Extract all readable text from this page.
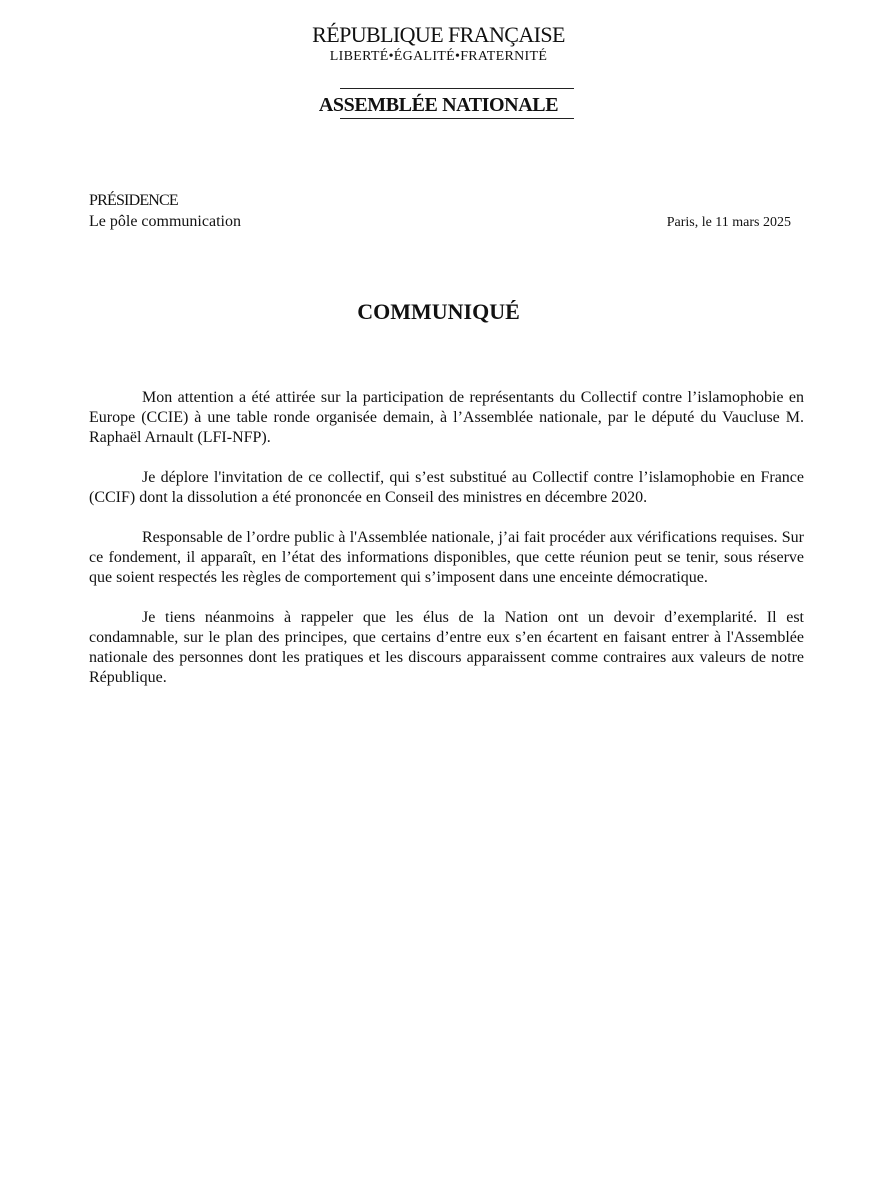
RÉPUBLIQUE FRANÇAISE
LIBERTÉ•ÉGALITÉ•FRATERNITÉ
ASSEMBLÉE NATIONALE
PRÉSIDENCE
Le pôle communication	Paris, le 11 mars 2025
COMMUNIQUÉ

Mon attention a été attirée sur la participation de représentants du Collectif contre l’islamophobie en Europe (CCIE) à une table ronde organisée demain, à l’Assemblée nationale, par le député du Vaucluse M. Raphaël Arnault (LFI-NFP).

Je déplore l'invitation de ce collectif, qui s’est substitué au Collectif contre l’islamophobie en France (CCIF) dont la dissolution a été prononcée en Conseil des ministres en décembre 2020.

Responsable de l’ordre public à l'Assemblée nationale, j’ai fait procéder aux vérifications requises. Sur ce fondement, il apparaît, en l’état des informations disponibles, que cette réunion peut se tenir, sous réserve que soient respectés les règles de comportement qui s’imposent dans une enceinte démocratique.

Je tiens néanmoins à rappeler que les élus de la Nation ont un devoir d’exemplarité. Il est condamnable, sur le plan des principes, que certains d’entre eux s’en écartent en faisant entrer à l'Assemblée nationale des personnes dont les pratiques et les discours apparaissent comme contraires aux valeurs de notre République.
